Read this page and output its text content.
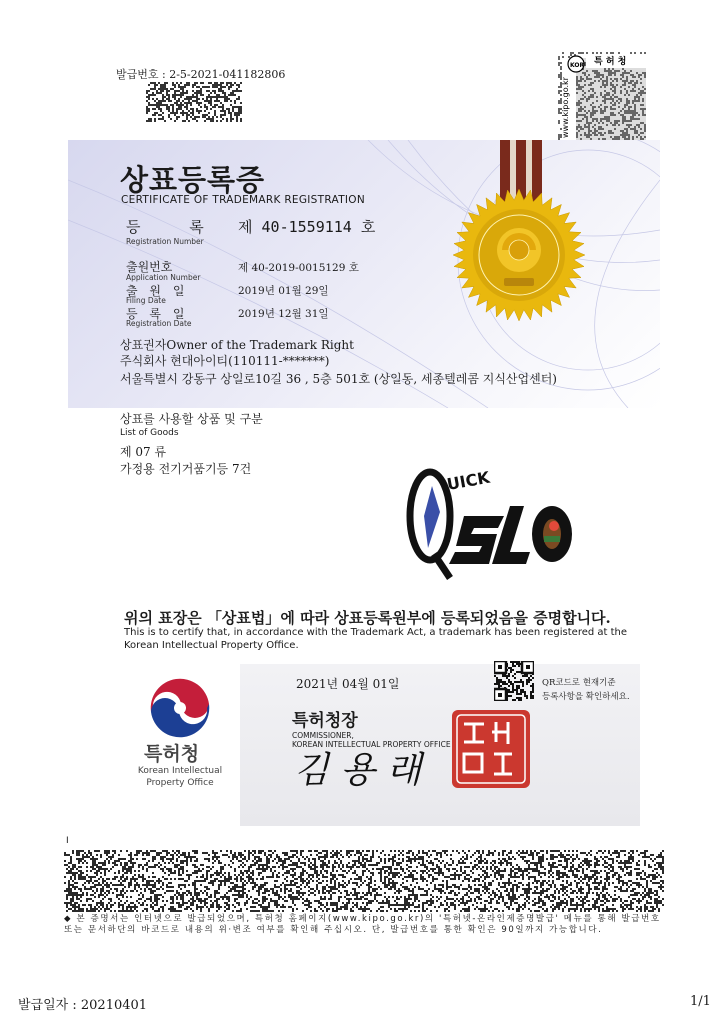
발급번호 : 2-5-2021-041182806
www.kipo.go.kr
KOR 특 허 청
상표등록증
CERTIFICATE OF TRADEMARK REGISTRATION
등 록
Registration Number
제 40-1559114 호
출원번호
Application Number
제 40-2019-0015129 호
출 원 일
Filing Date
2019년 01월 29일
등 록 일
Registration Date
2019년 12월 31일
상표권자Owner of the Trademark Right
주식회사 현대아이티(110111-*******)
서울특별시 강동구 상일로10길 36 , 5층 501호 (상일동, 세종텔레콤 지식산업센터)
상표를 사용할 상품 및 구분
List of Goods
제 07 류
가정용 전기거품기등 7건	UICK
QUICKSLO
위의 표장은 「상표법」에 따라 상표등록원부에 등록되었음을 증명합니다.
This is to certify that, in accordance with the Trademark Act, a trademark has been registered at the Korean Intellectual Property Office.
특허청
Korean Intellectual Property Office
2021년 04월 01일	QR코드로 현재기준
등록사항을 확인하세요.
특허청장
COMMISSIONER,
KOREAN INTELLECTUAL PROPERTY OFFICE
김 용 래
I
◆ 본 증명서는 인터넷으로 발급되었으며, 특허청 홈페이지(www.kipo.go.kr)의 '특허넷-온라인제증명발급' 메뉴를 통해 발급번호 또는 문서하단의 바코드로 내용의 위·변조 여부를 확인해 주십시오. 단, 발급번호를 통한 확인은 90일까지 가능합니다.
발급일자 : 20210401	1/1
